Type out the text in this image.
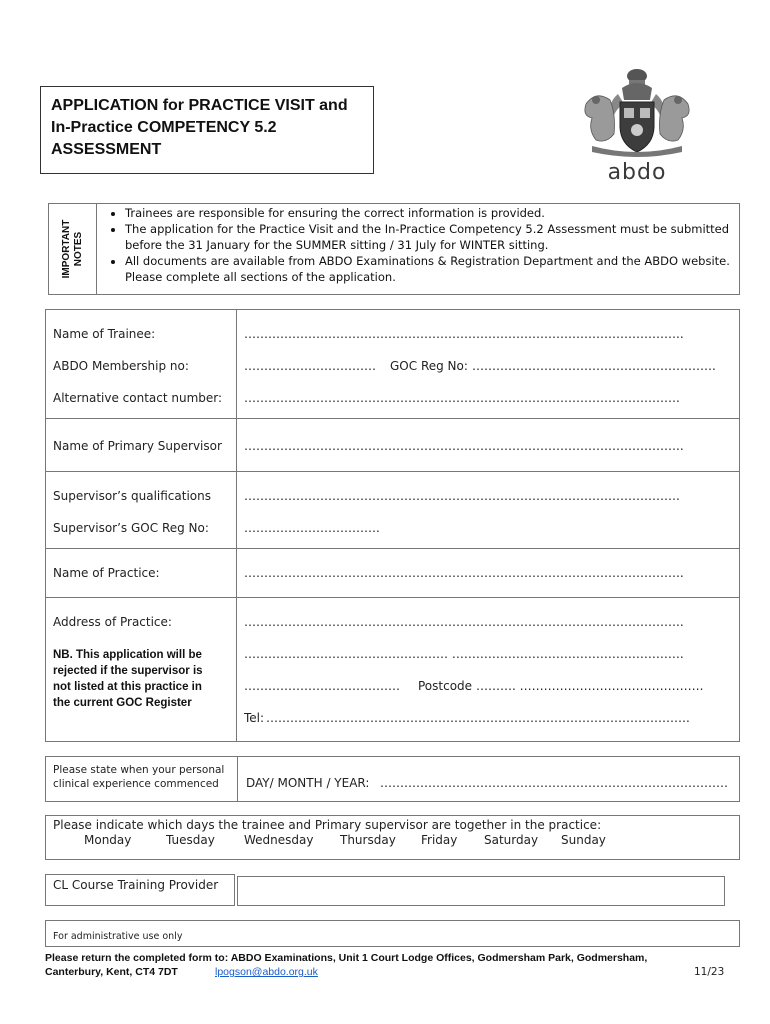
APPLICATION for PRACTICE VISIT and
In-Practice COMPETENCY 5.2
ASSESSMENT
abdo
IMPORTANT NOTES
• Trainees are responsible for ensuring the correct information is provided.
• The application for the Practice Visit and the In-Practice Competency 5.2 Assessment must be submitted before the 31 January for the SUMMER sitting / 31 July for WINTER sitting.
• All documents are available from ABDO Examinations & Registration Department and the ABDO website. Please complete all sections of the application.
Name of Trainee:	………………………………………………………………………………………………..
ABDO Membership no:	……………………………	GOC Reg No: …………………………………………………….
Alternative contact number: ……………………………………………………………………………………………….
Name of Primary Supervisor ………………………………………………………………………………………………..
Supervisor’s qualifications	……………………………………………………………………………………………….
Supervisor’s GOC Reg No:	…………………………….
Name of Practice:	………………………………………………………………………………………………..
Address of Practice:	………………………………………………………………………………………………..
…………………………………………… ………………………………………………….
…………………………………	Postcode ………. ……………………………………….
Tel: …………………………………………………………………………………………….
NB. This application will be
rejected if the supervisor is
not listed at this practice in
the current GOC Register
Please state when your personal
clinical experience commenced	DAY/ MONTH / YEAR: ……………………………………………………………………………
Please indicate which days the trainee and Primary supervisor are together in the practice:
Monday	Tuesday Wednesday Thursday Friday Saturday Sunday
CL Course Training Provider
For administrative use only
Please return the completed form to: ABDO Examinations, Unit 1 Court Lodge Offices, Godmersham Park, Godmersham,
Canterbury, Kent, CT4 7DT	lpogson@abdo.org.uk	11/23
